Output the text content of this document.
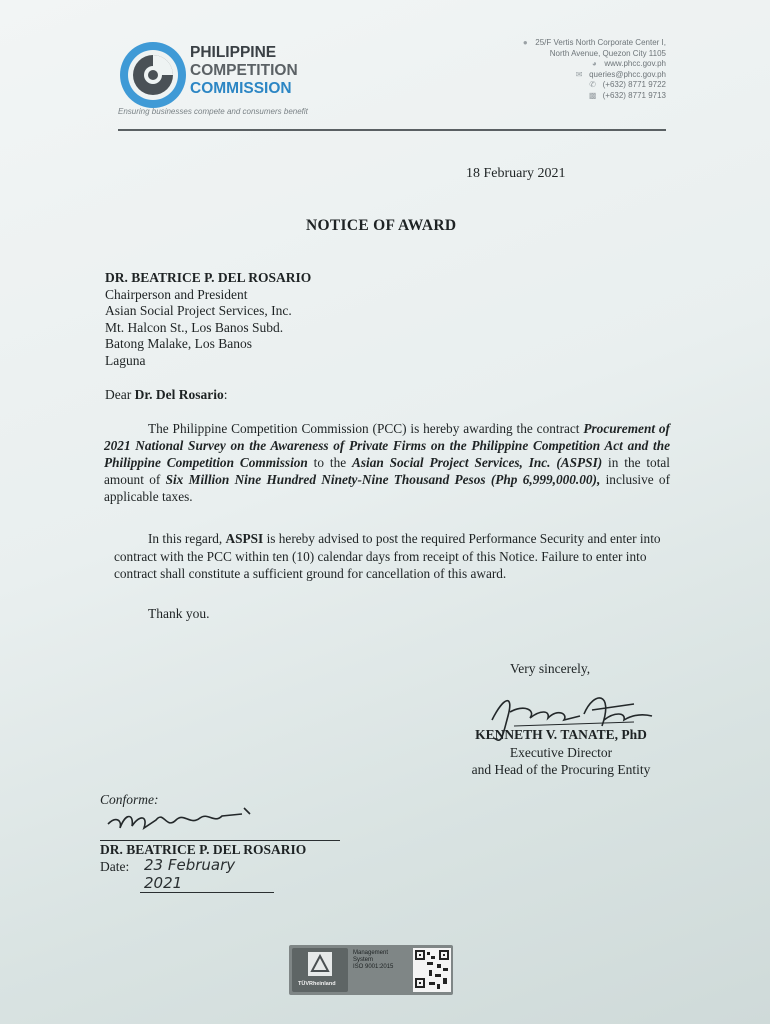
PHILIPPINE
COMPETITION
COMMISSION
Ensuring businesses compete and consumers benefit
● 25/F Vertis North Corporate Center I,
North Avenue, Quezon City 1105
◕ www.phcc.gov.ph
✉ queries@phcc.gov.ph
✆ (+632) 8771 9722
▩ (+632) 8771 9713
18 February 2021
NOTICE OF AWARD
DR. BEATRICE P. DEL ROSARIO
Chairperson and President
Asian Social Project Services, Inc.
Mt. Halcon St., Los Banos Subd.
Batong Malake, Los Banos
Laguna
Dear Dr. Del Rosario:
The Philippine Competition Commission (PCC) is hereby awarding the contract Procurement of 2021 National Survey on the Awareness of Private Firms on the Philippine Competition Act and the Philippine Competition Commission to the Asian Social Project Services, Inc. (ASPSI) in the total amount of Six Million Nine Hundred Ninety-Nine Thousand Pesos (Php 6,999,000.00), inclusive of applicable taxes.
In this regard, ASPSI is hereby advised to post the required Performance Security and enter into contract with the PCC within ten (10) calendar days from receipt of this Notice. Failure to enter into contract shall constitute a sufficient ground for cancellation of this award.
Thank you.
Very sincerely,
KENNETH V. TANATE, PhD
Executive Director
and Head of the Procuring Entity
Conforme:
DR. BEATRICE P. DEL ROSARIO
Date: 23 February 2021
TÜVRheinland
Management
System
ISO 9001:2015
